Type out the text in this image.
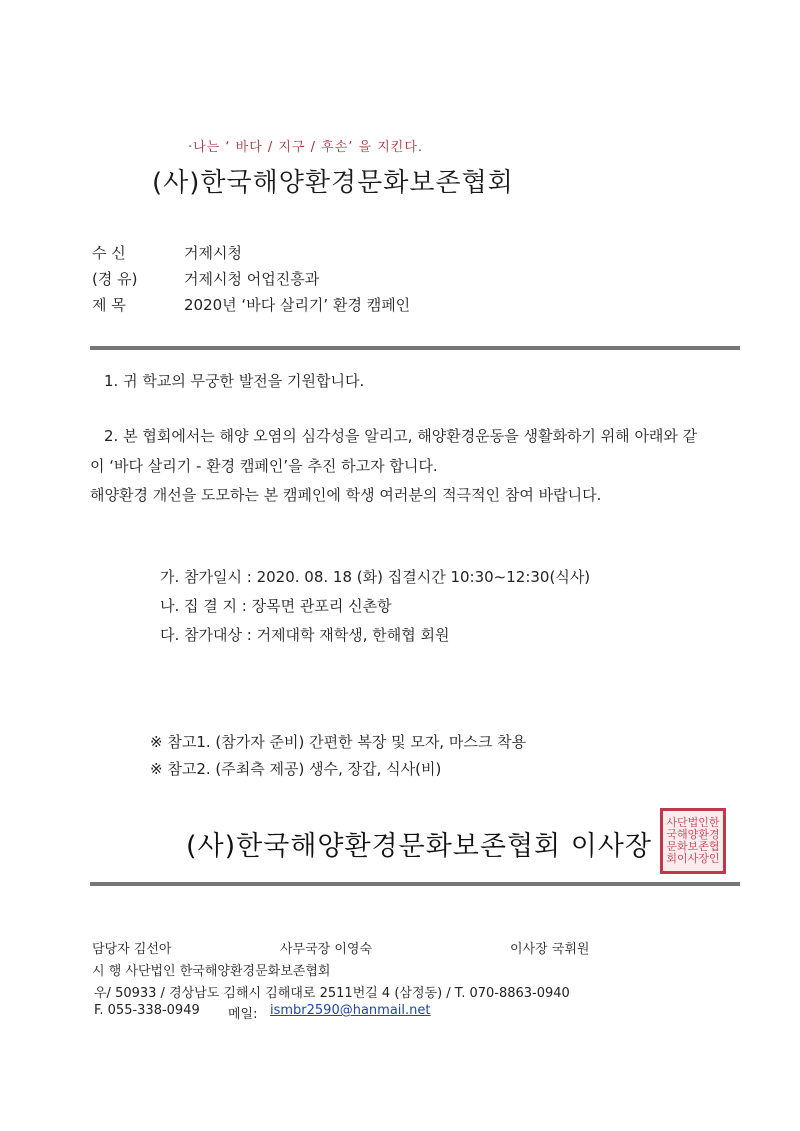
·나는 ‘ 바다 / 지구 / 후손’ 을 지킨다.
(사)한국해양환경문화보존협회
수 신	거제시청
(경 유)	거제시청 어업진흥과
제 목	2020년 ‘바다 살리기’ 환경 캠페인
1. 귀 학교의 무궁한 발전을 기원합니다.
2. 본 협회에서는 해양 오염의 심각성을 알리고, 해양환경운동을 생활화하기 위해 아래와 같
이 ‘바다 살리기 - 환경 캠페인’을 추진 하고자 합니다.
해양환경 개선을 도모하는 본 캠페인에 학생 여러분의 적극적인 참여 바랍니다.
가. 참가일시 : 2020. 08. 18 (화) 집결시간 10:30∼12:30(식사)
나. 집 결 지 : 장목면 관포리 신촌항
다. 참가대상 : 거제대학 재학생, 한해협 회원
※ 참고1. (참가자 준비) 간편한 복장 및 모자, 마스크 착용
※ 참고2. (주최측 제공) 생수, 장갑, 식사(비)
(사)한국해양환경문화보존협회 이사장
사단법인한국해양환경문화보존협회이사장인
담당자 김선아	사무국장 이영숙	이사장 국휘원
시 행 사단법인 한국해양환경문화보존협회
우/ 50933 / 경상남도 김해시 김해대로 2511번길 4 (삼정동) / T. 070-8863-0940
F. 055-338-0949 메일: ismbr2590@hanmail.net
